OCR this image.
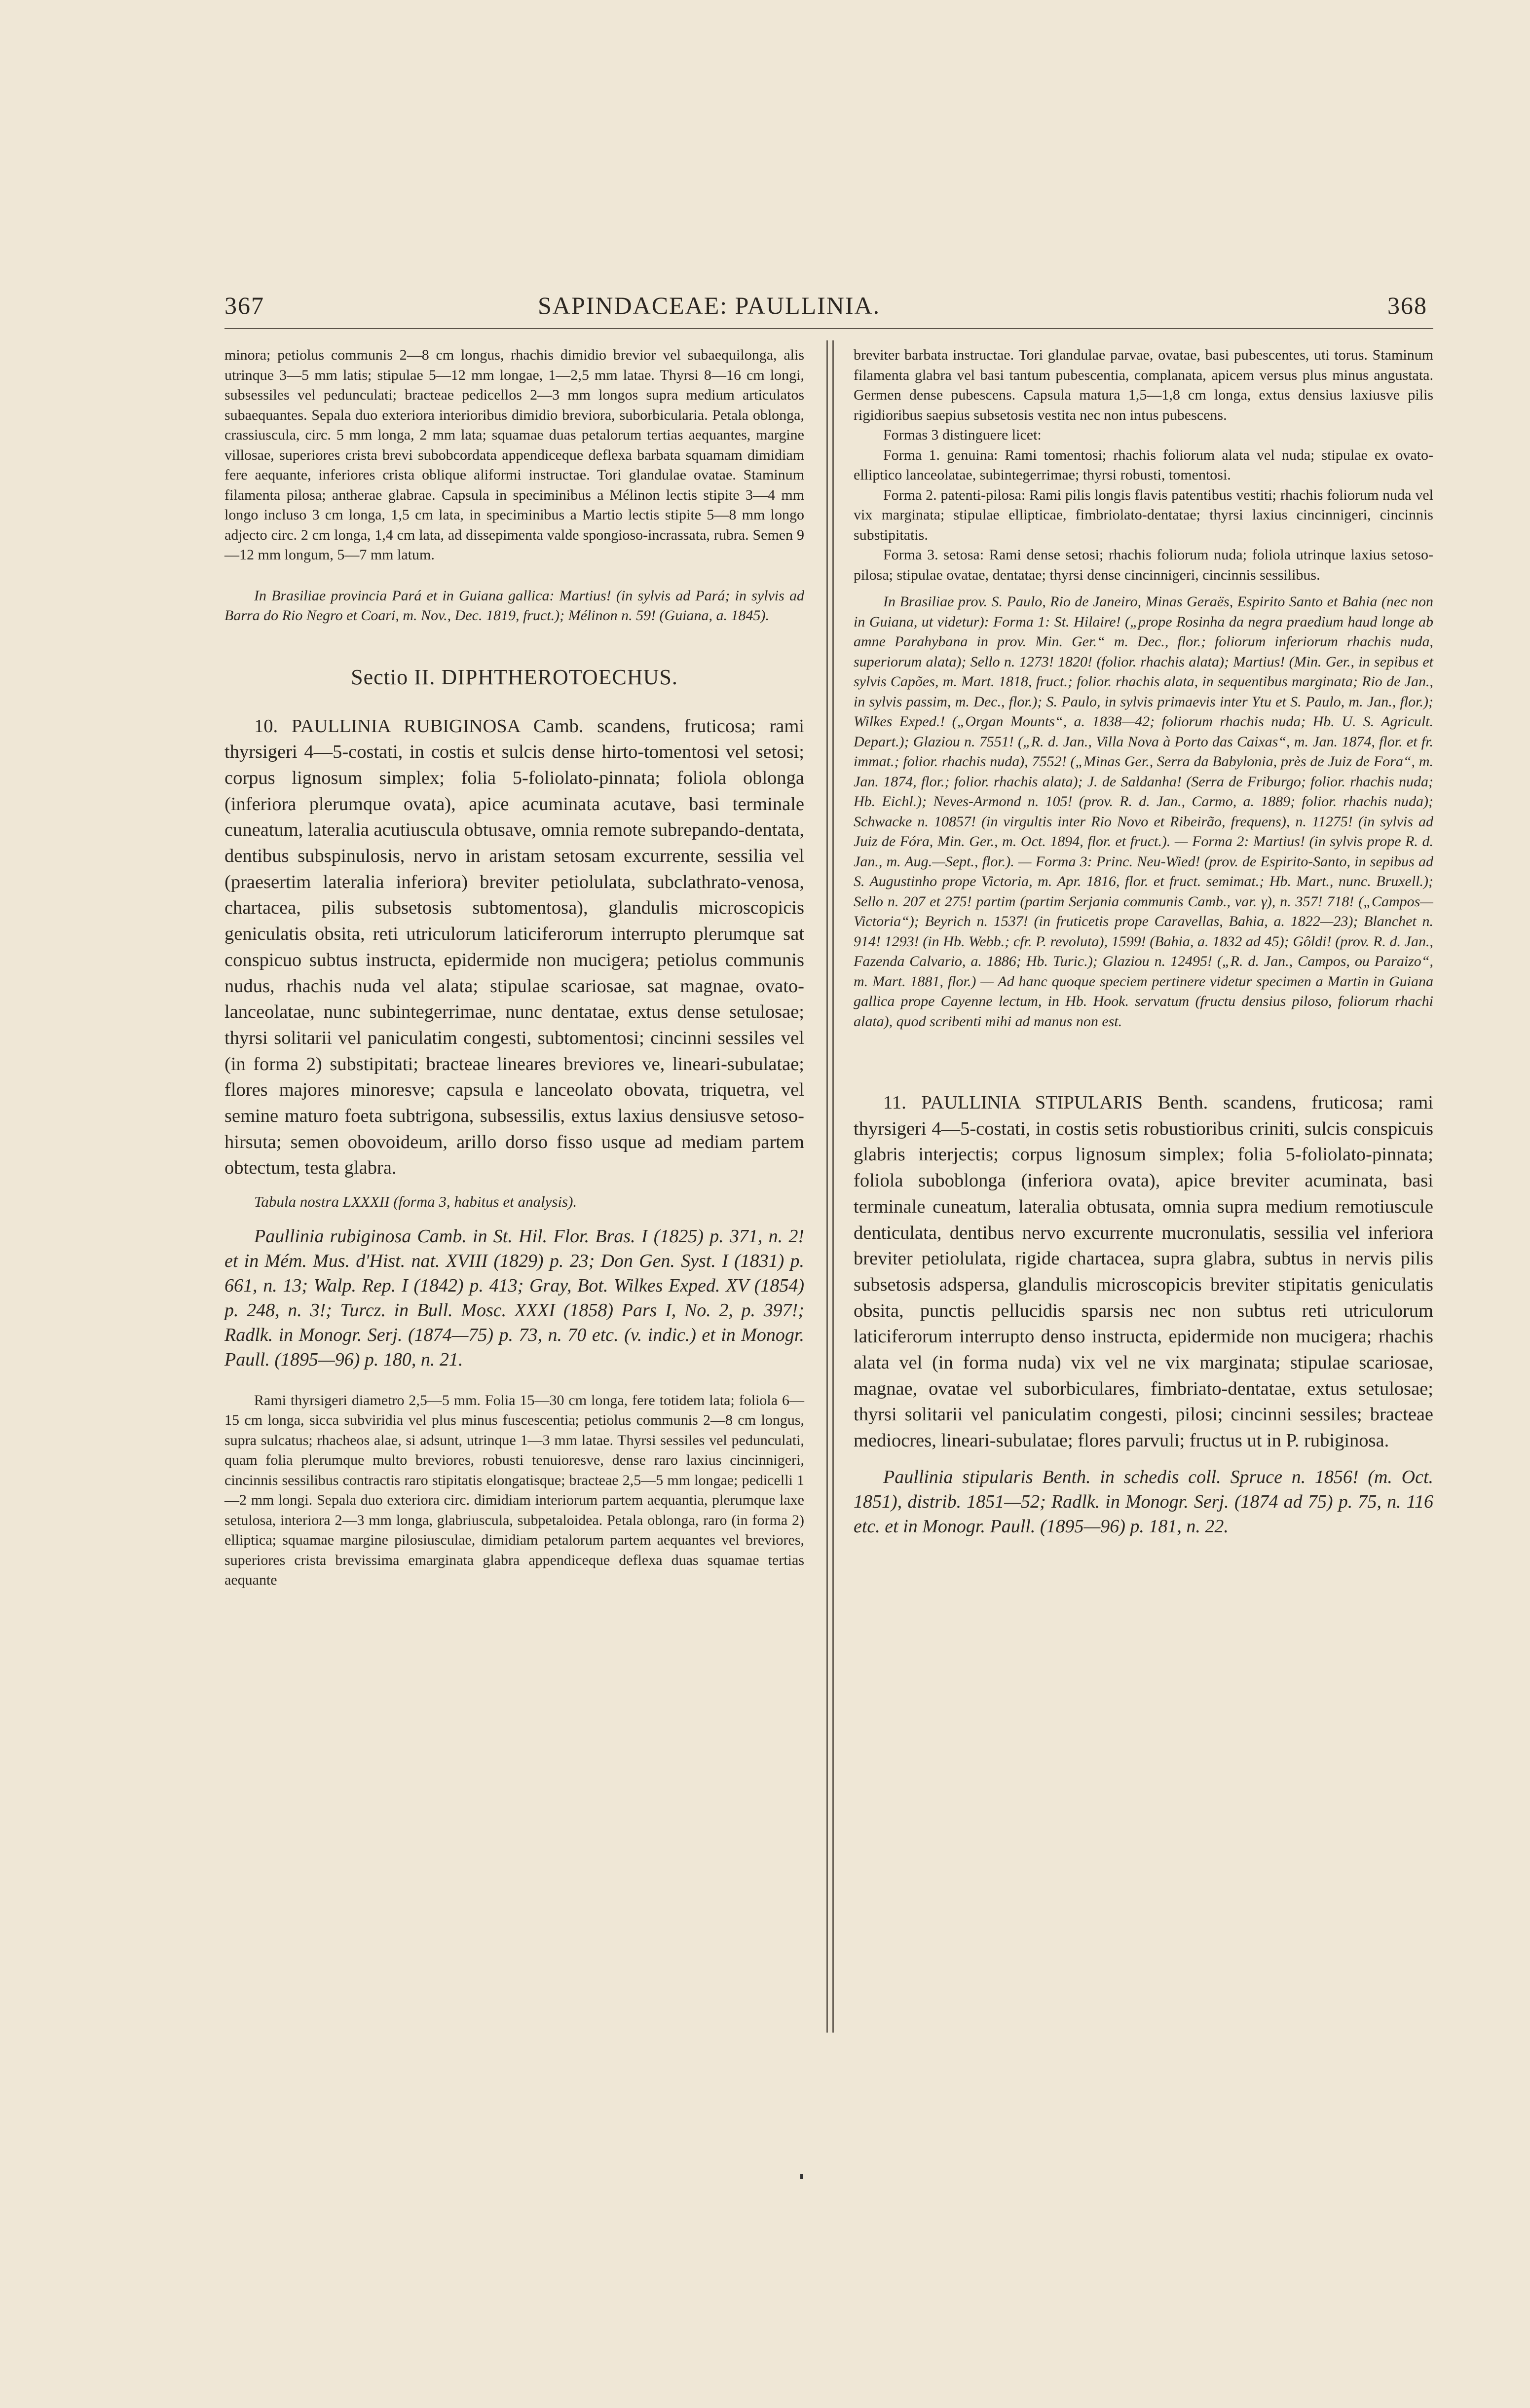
367	SAPINDACEAE: PAULLINIA.	368

minora; petiolus communis 2—8 cm longus, rhachis dimidio brevior vel subaequilonga, alis utrinque 3—5 mm latis; stipulae 5—12 mm longae, 1—2,5 mm latae. Thyrsi 8—16 cm longi, subsessiles vel pedunculati; bracteae pedicellos 2—3 mm longos supra medium articulatos subaequantes. Sepala duo exteriora interioribus dimidio breviora, suborbicularia. Petala oblonga, crassiuscula, circ. 5 mm longa, 2 mm lata; squamae duas petalorum tertias aequantes, margine villosae, superiores crista brevi subobcordata appendiceque deflexa barbata squamam dimidiam fere aequante, inferiores crista oblique aliformi instructae. Tori glandulae ovatae. Staminum filamenta pilosa; antherae glabrae. Capsula in speciminibus a Mélinon lectis stipite 3—4 mm longo incluso 3 cm longa, 1,5 cm lata, in speciminibus a Martio lectis stipite 5—8 mm longo adjecto circ. 2 cm longa, 1,4 cm lata, ad dissepimenta valde spongioso-incrassata, rubra. Semen 9—12 mm longum, 5—7 mm latum.

In Brasiliae provincia Pará et in Guiana gallica: Martius! (in sylvis ad Pará; in sylvis ad Barra do Rio Negro et Coari, m. Nov., Dec. 1819, fruct.); Mélinon n. 59! (Guiana, a. 1845).

Sectio II. DIPHTHEROTOECHUS.

10. PAULLINIA RUBIGINOSA Camb. scandens, fruticosa; rami thyrsigeri 4—5-costati, in costis et sulcis dense hirto-tomentosi vel setosi; corpus lignosum simplex; folia 5-foliolato-pinnata; foliola oblonga (inferiora plerumque ovata), apice acuminata acutave, basi terminale cuneatum, lateralia acutiuscula obtusave, omnia remote subrepando-dentata, dentibus subspinulosis, nervo in aristam setosam excurrente, sessilia vel (praesertim lateralia inferiora) breviter petiolulata, subclathrato-venosa, chartacea, pilis subsetosis subtomentosa), glandulis microscopicis geniculatis obsita, reti utriculorum laticiferorum interrupto plerumque sat conspicuo subtus instructa, epidermide non mucigera; petiolus communis nudus, rhachis nuda vel alata; stipulae scariosae, sat magnae, ovato-lanceolatae, nunc subintegerrimae, nunc dentatae, extus dense setulosae; thyrsi solitarii vel paniculatim congesti, subtomentosi; cincinni sessiles vel (in forma 2) substipitati; bracteae lineares breviores ve, lineari-subulatae; flores majores minoresve; capsula e lanceolato obovata, triquetra, vel semine maturo foeta subtrigona, subsessilis, extus laxius densiusve setoso-hirsuta; semen obovoideum, arillo dorso fisso usque ad mediam partem obtectum, testa glabra.

Tabula nostra LXXXII (forma 3, habitus et analysis).

Paullinia rubiginosa Camb. in St. Hil. Flor. Bras. I (1825) p. 371, n. 2! et in Mém. Mus. d'Hist. nat. XVIII (1829) p. 23; Don Gen. Syst. I (1831) p. 661, n. 13; Walp. Rep. I (1842) p. 413; Gray, Bot. Wilkes Exped. XV (1854) p. 248, n. 3!; Turcz. in Bull. Mosc. XXXI (1858) Pars I, No. 2, p. 397!; Radlk. in Monogr. Serj. (1874—75) p. 73, n. 70 etc. (v. indic.) et in Monogr. Paull. (1895—96) p. 180, n. 21.

Rami thyrsigeri diametro 2,5—5 mm. Folia 15—30 cm longa, fere totidem lata; foliola 6—15 cm longa, sicca subviridia vel plus minus fuscescentia; petiolus communis 2—8 cm longus, supra sulcatus; rhacheos alae, si adsunt, utrinque 1—3 mm latae. Thyrsi sessiles vel pedunculati, quam folia plerumque multo breviores, robusti tenuioresve, dense raro laxius cincinnigeri, cincinnis sessilibus contractis raro stipitatis elongatisque; bracteae 2,5—5 mm longae; pedicelli 1—2 mm longi. Sepala duo exteriora circ. dimidiam interiorum partem aequantia, plerumque laxe setulosa, interiora 2—3 mm longa, glabriuscula, subpetaloidea. Petala oblonga, raro (in forma 2) elliptica; squamae margine pilosiusculae, dimidiam petalorum partem aequantes vel breviores, superiores crista brevissima emarginata glabra appendiceque deflexa duas squamae tertias aequante

breviter barbata instructae. Tori glandulae parvae, ovatae, basi pubescentes, uti torus. Staminum filamenta glabra vel basi tantum pubescentia, complanata, apicem versus plus minus angustata. Germen dense pubescens. Capsula matura 1,5—1,8 cm longa, extus densius laxiusve pilis rigidioribus saepius subsetosis vestita nec non intus pubescens.

Formas 3 distinguere licet:

Forma 1. genuina: Rami tomentosi; rhachis foliorum alata vel nuda; stipulae ex ovato-elliptico lanceolatae, subintegerrimae; thyrsi robusti, tomentosi.

Forma 2. patenti-pilosa: Rami pilis longis flavis patentibus vestiti; rhachis foliorum nuda vel vix marginata; stipulae ellipticae, fimbriolato-dentatae; thyrsi laxius cincinnigeri, cincinnis substipitatis.

Forma 3. setosa: Rami dense setosi; rhachis foliorum nuda; foliola utrinque laxius setoso-pilosa; stipulae ovatae, dentatae; thyrsi dense cincinnigeri, cincinnis sessilibus.

In Brasiliae prov. S. Paulo, Rio de Janeiro, Minas Geraës, Espirito Santo et Bahia (nec non in Guiana, ut videtur): Forma 1: St. Hilaire! („prope Rosinha da negra praedium haud longe ab amne Parahybana in prov. Min. Ger.“ m. Dec., flor.; foliorum inferiorum rhachis nuda, superiorum alata); Sello n. 1273! 1820! (folior. rhachis alata); Martius! (Min. Ger., in sepibus et sylvis Capões, m. Mart. 1818, fruct.; folior. rhachis alata, in sequentibus marginata; Rio de Jan., in sylvis passim, m. Dec., flor.); S. Paulo, in sylvis primaevis inter Ytu et S. Paulo, m. Jan., flor.); Wilkes Exped.! („Organ Mounts“, a. 1838—42; foliorum rhachis nuda; Hb. U. S. Agricult. Depart.); Glaziou n. 7551! („R. d. Jan., Villa Nova à Porto das Caixas“, m. Jan. 1874, flor. et fr. immat.; folior. rhachis nuda), 7552! („Minas Ger., Serra da Babylonia, près de Juiz de Fora“, m. Jan. 1874, flor.; folior. rhachis alata); J. de Saldanha! (Serra de Friburgo; folior. rhachis nuda; Hb. Eichl.); Neves-Armond n. 105! (prov. R. d. Jan., Carmo, a. 1889; folior. rhachis nuda); Schwacke n. 10857! (in virgultis inter Rio Novo et Ribeirão, frequens), n. 11275! (in sylvis ad Juiz de Fóra, Min. Ger., m. Oct. 1894, flor. et fruct.). — Forma 2: Martius! (in sylvis prope R. d. Jan., m. Aug.—Sept., flor.). — Forma 3: Princ. Neu-Wied! (prov. de Espirito-Santo, in sepibus ad S. Augustinho prope Victoria, m. Apr. 1816, flor. et fruct. semimat.; Hb. Mart., nunc. Bruxell.); Sello n. 207 et 275! partim (partim Serjania communis Camb., var. γ), n. 357! 718! („Campos—Victoria“); Beyrich n. 1537! (in fruticetis prope Caravellas, Bahia, a. 1822—23); Blanchet n. 914! 1293! (in Hb. Webb.; cfr. P. revoluta), 1599! (Bahia, a. 1832 ad 45); Gôldi! (prov. R. d. Jan., Fazenda Calvario, a. 1886; Hb. Turic.); Glaziou n. 12495! („R. d. Jan., Campos, ou Paraizo“, m. Mart. 1881, flor.) — Ad hanc quoque speciem pertinere videtur specimen a Martin in Guiana gallica prope Cayenne lectum, in Hb. Hook. servatum (fructu densius piloso, foliorum rhachi alata), quod scribenti mihi ad manus non est.

11. PAULLINIA STIPULARIS Benth. scandens, fruticosa; rami thyrsigeri 4—5-costati, in costis setis robustioribus criniti, sulcis conspicuis glabris interjectis; corpus lignosum simplex; folia 5-foliolato-pinnata; foliola suboblonga (inferiora ovata), apice breviter acuminata, basi terminale cuneatum, lateralia obtusata, omnia supra medium remotiuscule denticulata, dentibus nervo excurrente mucronulatis, sessilia vel inferiora breviter petiolulata, rigide chartacea, supra glabra, subtus in nervis pilis subsetosis adspersa, glandulis microscopicis breviter stipitatis geniculatis obsita, punctis pellucidis sparsis nec non subtus reti utriculorum laticiferorum interrupto denso instructa, epidermide non mucigera; rhachis alata vel (in forma nuda) vix vel ne vix marginata; stipulae scariosae, magnae, ovatae vel suborbiculares, fimbriato-dentatae, extus setulosae; thyrsi solitarii vel paniculatim congesti, pilosi; cincinni sessiles; bracteae mediocres, lineari-subulatae; flores parvuli; fructus ut in P. rubiginosa.

Paullinia stipularis Benth. in schedis coll. Spruce n. 1856! (m. Oct. 1851), distrib. 1851—52; Radlk. in Monogr. Serj. (1874 ad 75) p. 75, n. 116 etc. et in Monogr. Paull. (1895—96) p. 181, n. 22.
